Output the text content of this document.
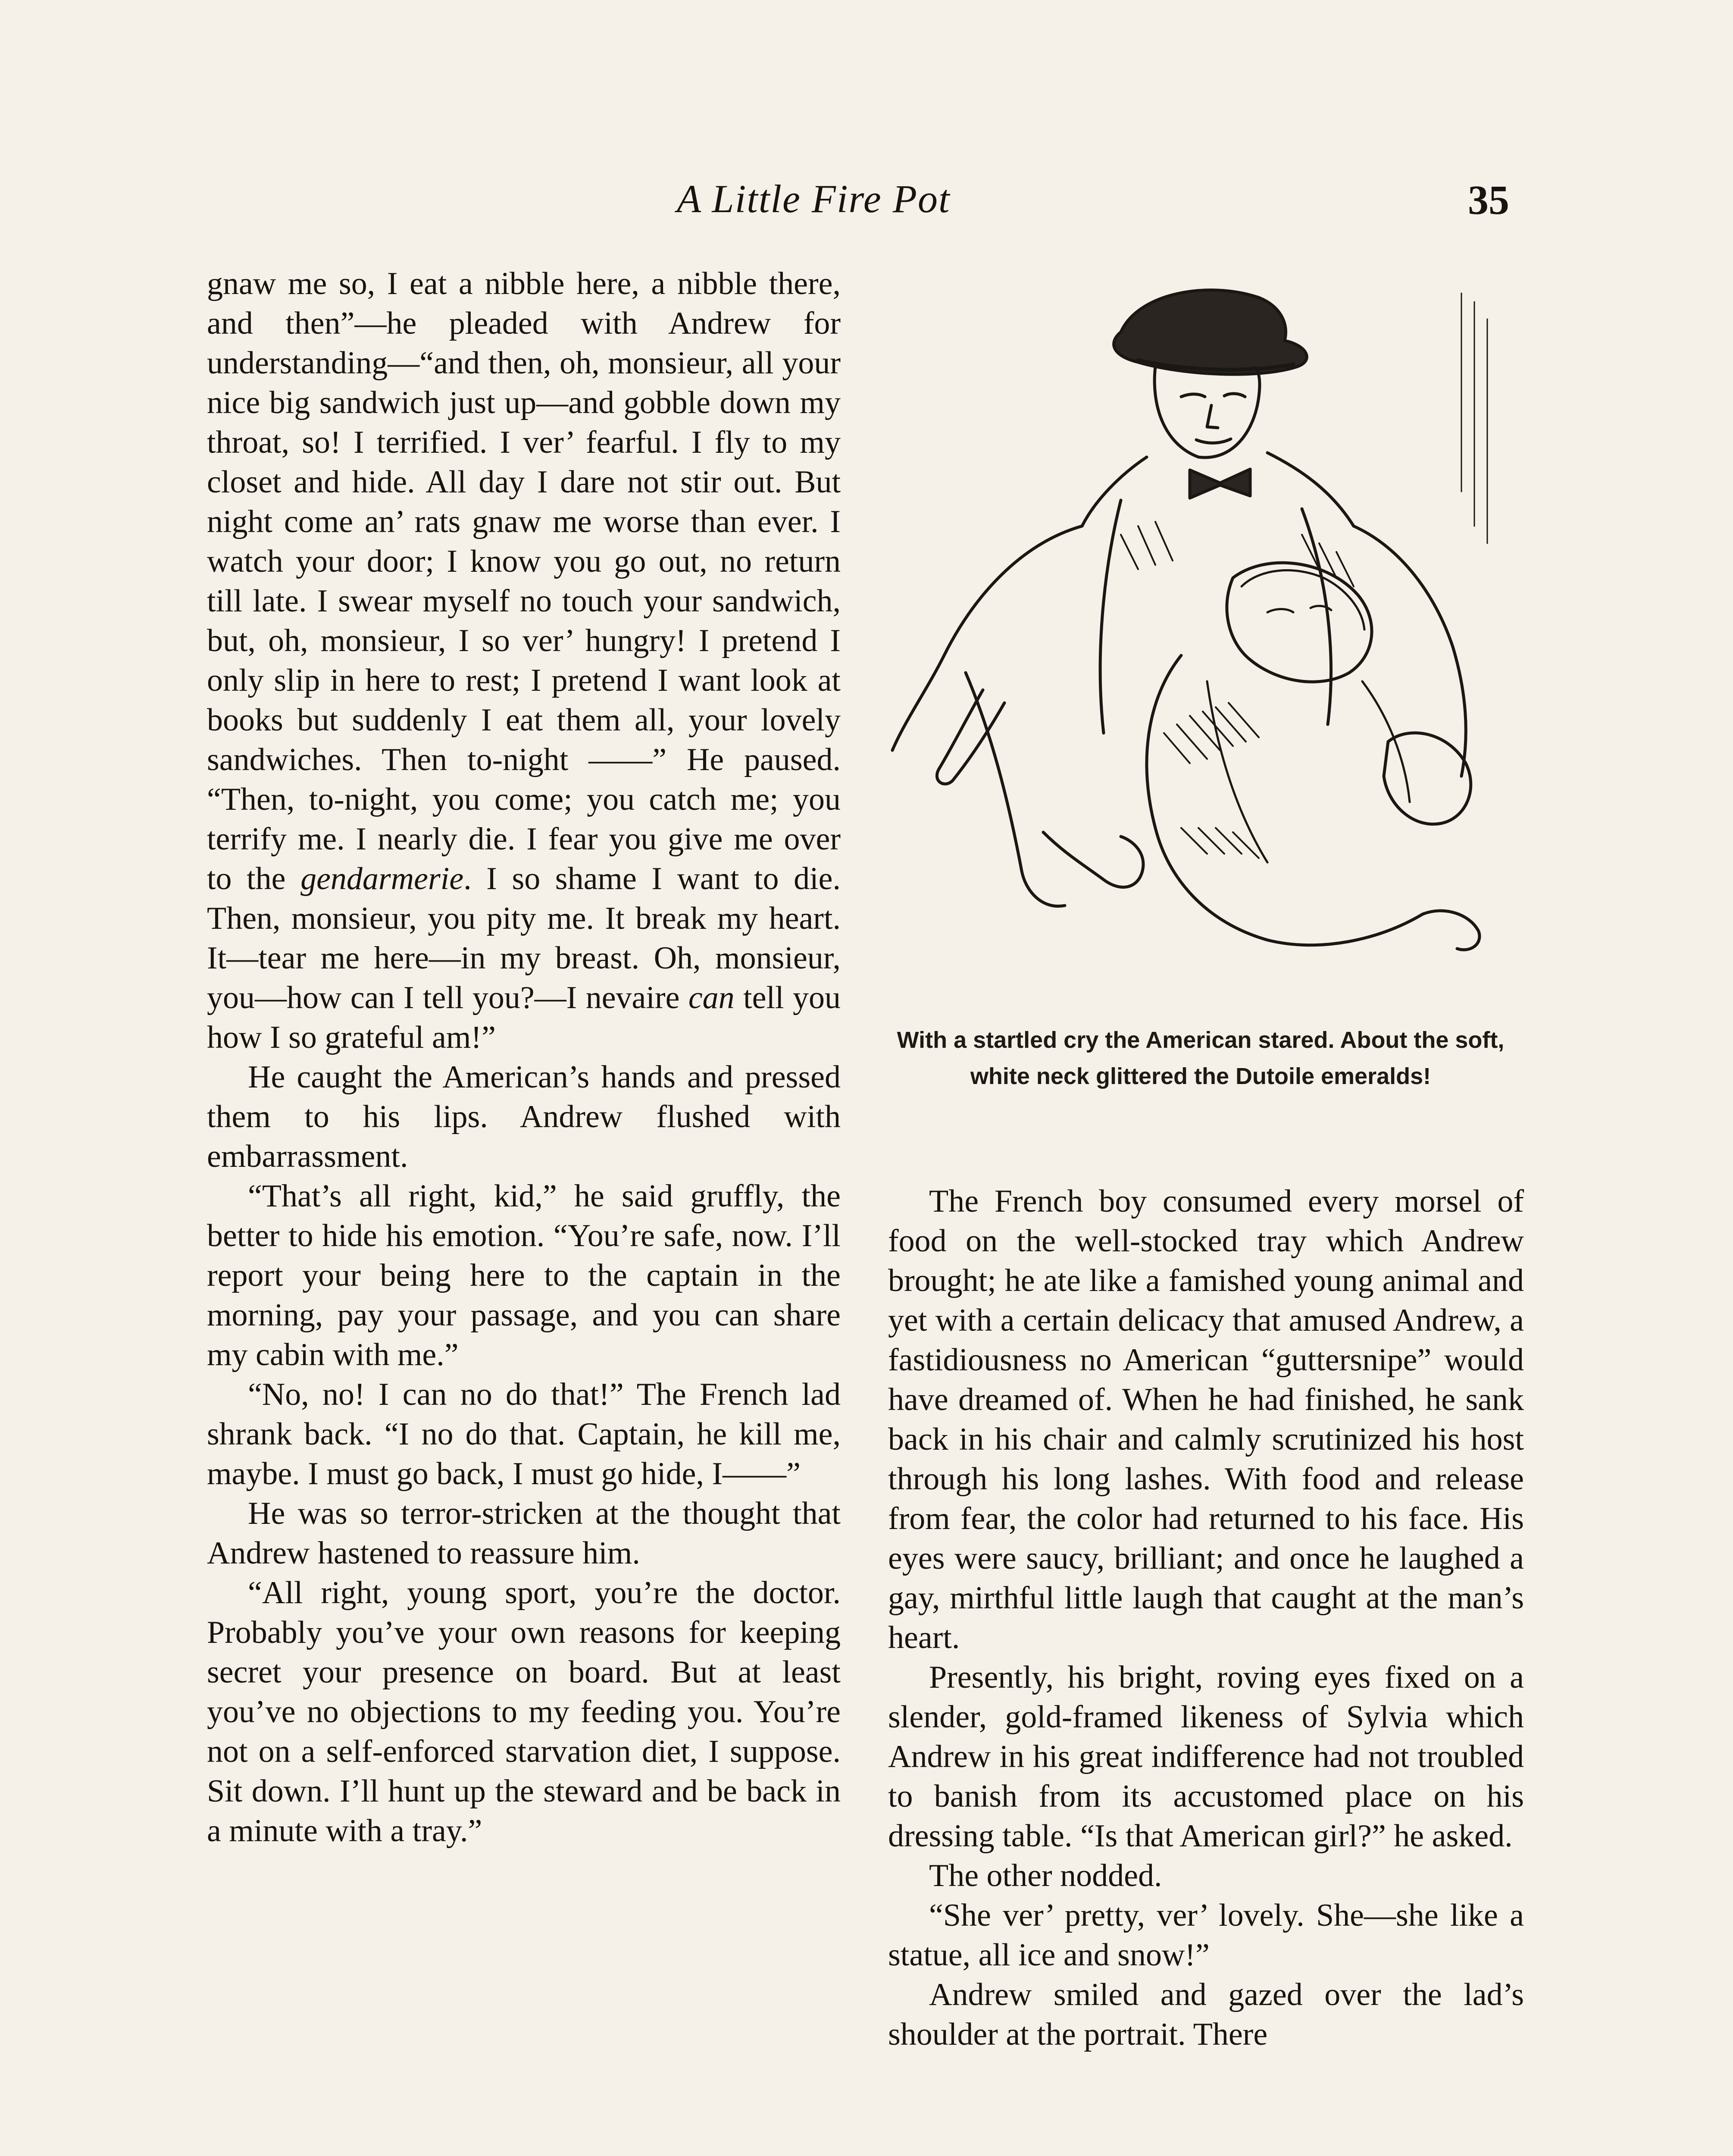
A Little Fire Pot	35

gnaw me so, I eat a nibble here, a nibble there, and then”—he pleaded with Andrew for understanding—“and then, oh, monsieur, all your nice big sandwich just up—and gobble down my throat, so! I terrified. I ver’ fearful. I fly to my closet and hide. All day I dare not stir out. But night come an’ rats gnaw me worse than ever. I watch your door; I know you go out, no return till late. I swear myself no touch your sandwich, but, oh, monsieur, I so ver’ hungry! I pretend I only slip in here to rest; I pretend I want look at books but suddenly I eat them all, your lovely sandwiches. Then to-night ——” He paused. “Then, to-night, you come; you catch me; you terrify me. I nearly die. I fear you give me over to the gendarmerie. I so shame I want to die. Then, monsieur, you pity me. It break my heart. It—tear me here—in my breast. Oh, monsieur, you—how can I tell you?—I nevaire can tell you how I so grateful am!”

He caught the American’s hands and pressed them to his lips. Andrew flushed with embarrassment.

“That’s all right, kid,” he said gruffly, the better to hide his emotion. “You’re safe, now. I’ll report your being here to the captain in the morning, pay your passage, and you can share my cabin with me.”

“No, no! I can no do that!” The French lad shrank back. “I no do that. Captain, he kill me, maybe. I must go back, I must go hide, I——”

He was so terror-stricken at the thought that Andrew hastened to reassure him.

“All right, young sport, you’re the doctor. Probably you’ve your own reasons for keeping secret your presence on board. But at least you’ve no objections to my feeding you. You’re not on a self-enforced starvation diet, I suppose. Sit down. I’ll hunt up the steward and be back in a minute with a tray.”

With a startled cry the American stared. About the soft, white neck glittered the Dutoile emeralds!

The French boy consumed every morsel of food on the well-stocked tray which Andrew brought; he ate like a famished young animal and yet with a certain delicacy that amused Andrew, a fastidiousness no American “guttersnipe” would have dreamed of. When he had finished, he sank back in his chair and calmly scrutinized his host through his long lashes. With food and release from fear, the color had returned to his face. His eyes were saucy, brilliant; and once he laughed a gay, mirthful little laugh that caught at the man’s heart.

Presently, his bright, roving eyes fixed on a slender, gold-framed likeness of Sylvia which Andrew in his great indifference had not troubled to banish from its accustomed place on his dressing table. “Is that American girl?” he asked.

The other nodded.

“She ver’ pretty, ver’ lovely. She—she like a statue, all ice and snow!”

Andrew smiled and gazed over the lad’s shoulder at the portrait. There
